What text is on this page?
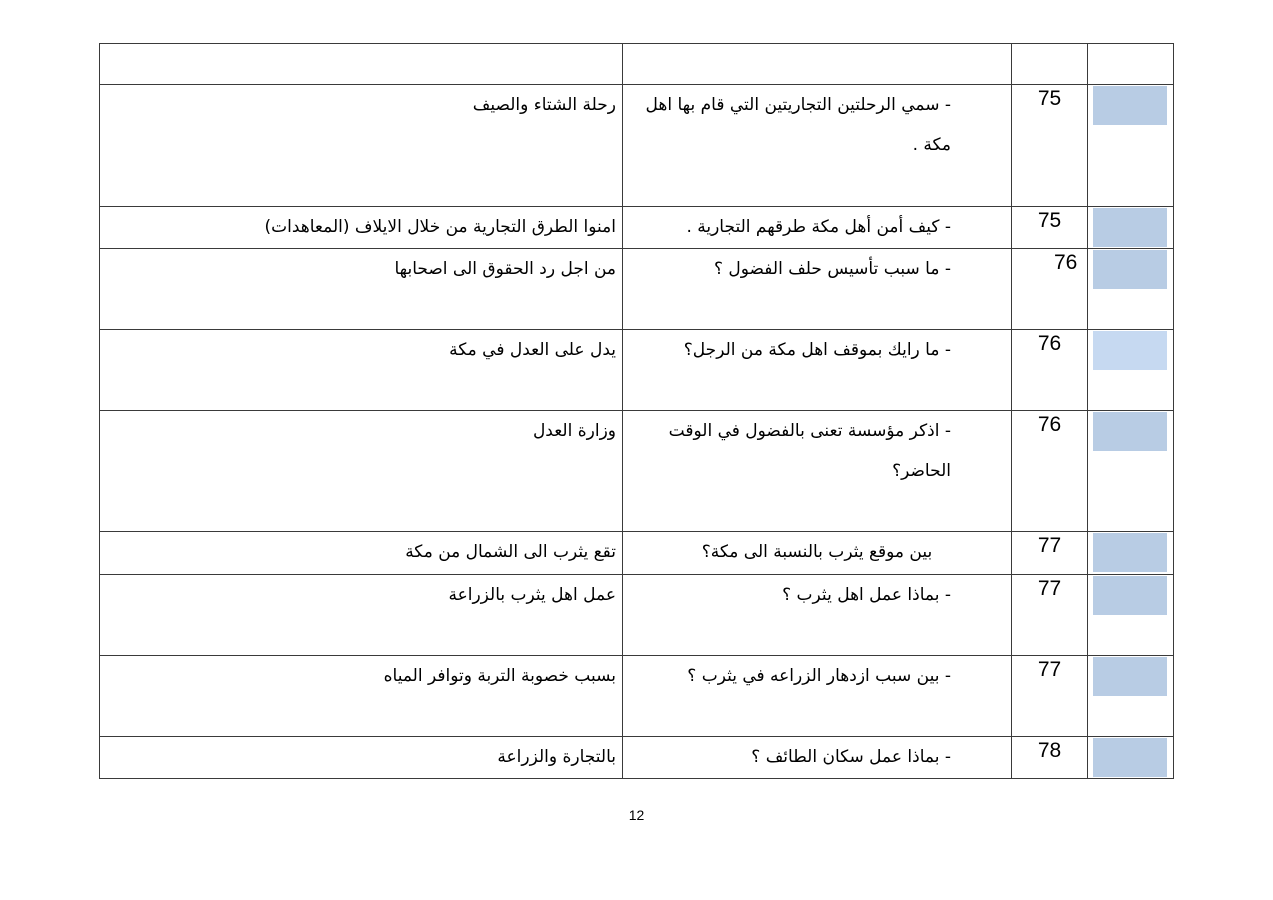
	75	- سمي الرحلتين التجاريتين التي قام بها اهل مكة .	رحلة الشتاء والصيف

	75	- كيف أمن أهل مكة طرقهم التجارية .	امنوا الطرق التجارية من خلال الايلاف (المعاهدات)

	76	- ما سبب تأسيس حلف الفضول ؟	من اجل رد الحقوق الى اصحابها

	76	- ما رايك بموقف اهل مكة من الرجل؟	يدل على العدل في مكة

	76	- اذكر مؤسسة تعنى بالفضول في الوقت الحاضر؟	وزارة العدل

	77	بين موقع يثرب بالنسبة الى مكة؟	تقع يثرب الى الشمال من مكة

	77	- بماذا عمل اهل يثرب ؟	عمل اهل يثرب بالزراعة

	77	- بين سبب ازدهار الزراعه في يثرب ؟	بسبب خصوبة التربة وتوافر المياه

	78	- بماذا عمل سكان الطائف ؟	بالتجارة والزراعة
12
